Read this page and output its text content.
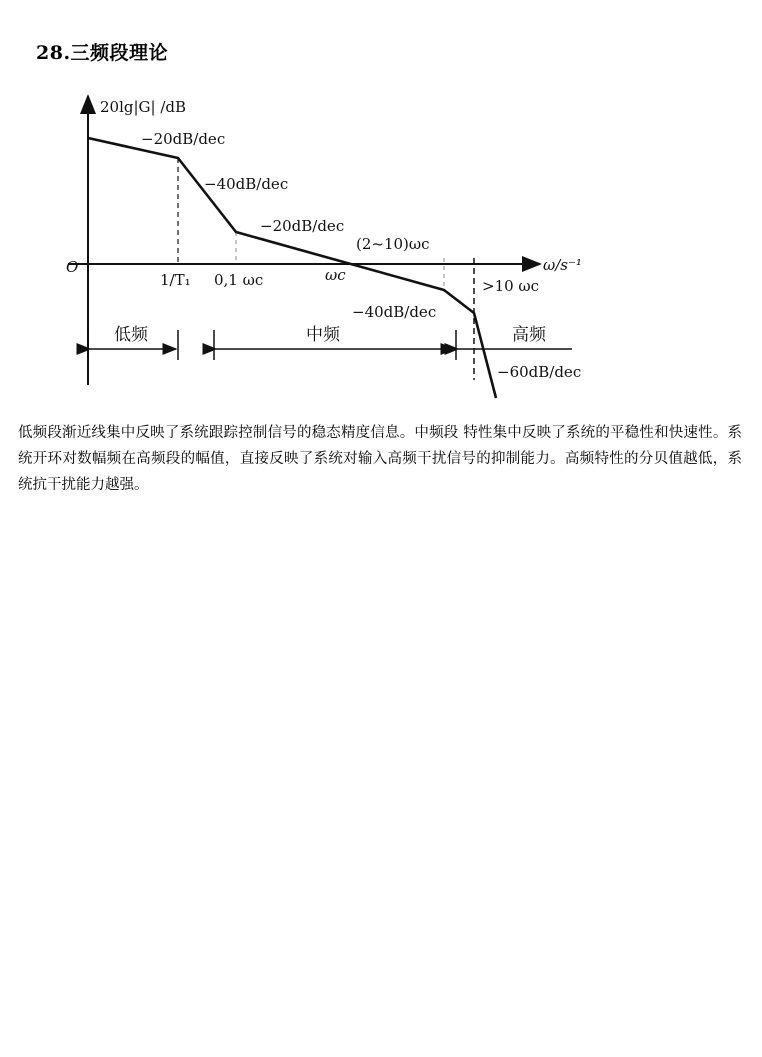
28.三频段理论
20lg|G| /dB
ω/s⁻¹
O
1/T₁ 0,1 ωc	ωc
(2~10)ωc
>10 ωc
−20dB/dec
−40dB/dec
−20dB/dec
−40dB/dec
−60dB/dec
低频	中频	高频
低频段渐近线集中反映了系统跟踪控制信号的稳态精度信息。中频段 特性集中反映了系统的平稳性和快速性。系统开环对数幅频在高频段的幅值，直接反映了系统对输入高频干扰信号的抑制能力。高频特性的分贝值越低，系统抗干扰能力越强。
